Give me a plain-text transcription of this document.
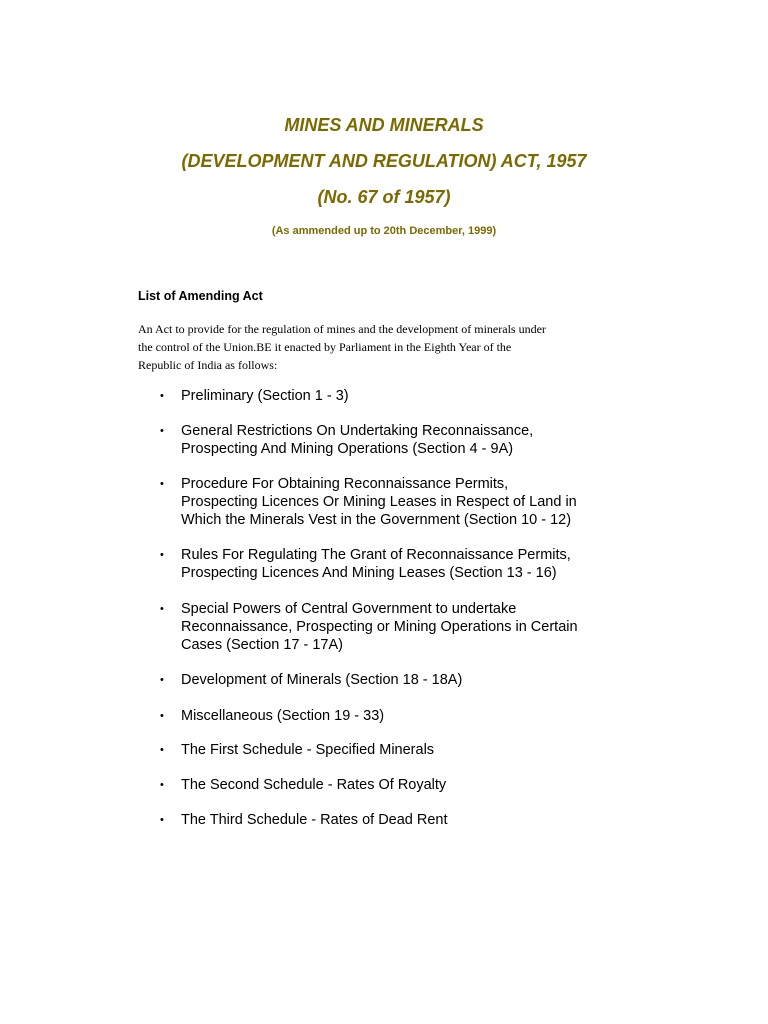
MINES AND MINERALS
(DEVELOPMENT AND REGULATION) ACT, 1957
(No. 67 of 1957)

(As ammended up to 20th December, 1999)

List of Amending Act

An Act to provide for the regulation of mines and the development of minerals under
the control of the Union.BE it enacted by Parliament in the Eighth Year of the
Republic of India as follows:

• Preliminary (Section 1 - 3)
• General Restrictions On Undertaking Reconnaissance,
Prospecting And Mining Operations (Section 4 - 9A)
• Procedure For Obtaining Reconnaissance Permits,
Prospecting Licences Or Mining Leases in Respect of Land in
Which the Minerals Vest in the Government (Section 10 - 12)
• Rules For Regulating The Grant of Reconnaissance Permits,
Prospecting Licences And Mining Leases (Section 13 - 16)
• Special Powers of Central Government to undertake
Reconnaissance, Prospecting or Mining Operations in Certain
Cases (Section 17 - 17A)
• Development of Minerals (Section 18 - 18A)
• Miscellaneous (Section 19 - 33)
• The First Schedule - Specified Minerals
• The Second Schedule - Rates Of Royalty
• The Third Schedule - Rates of Dead Rent
